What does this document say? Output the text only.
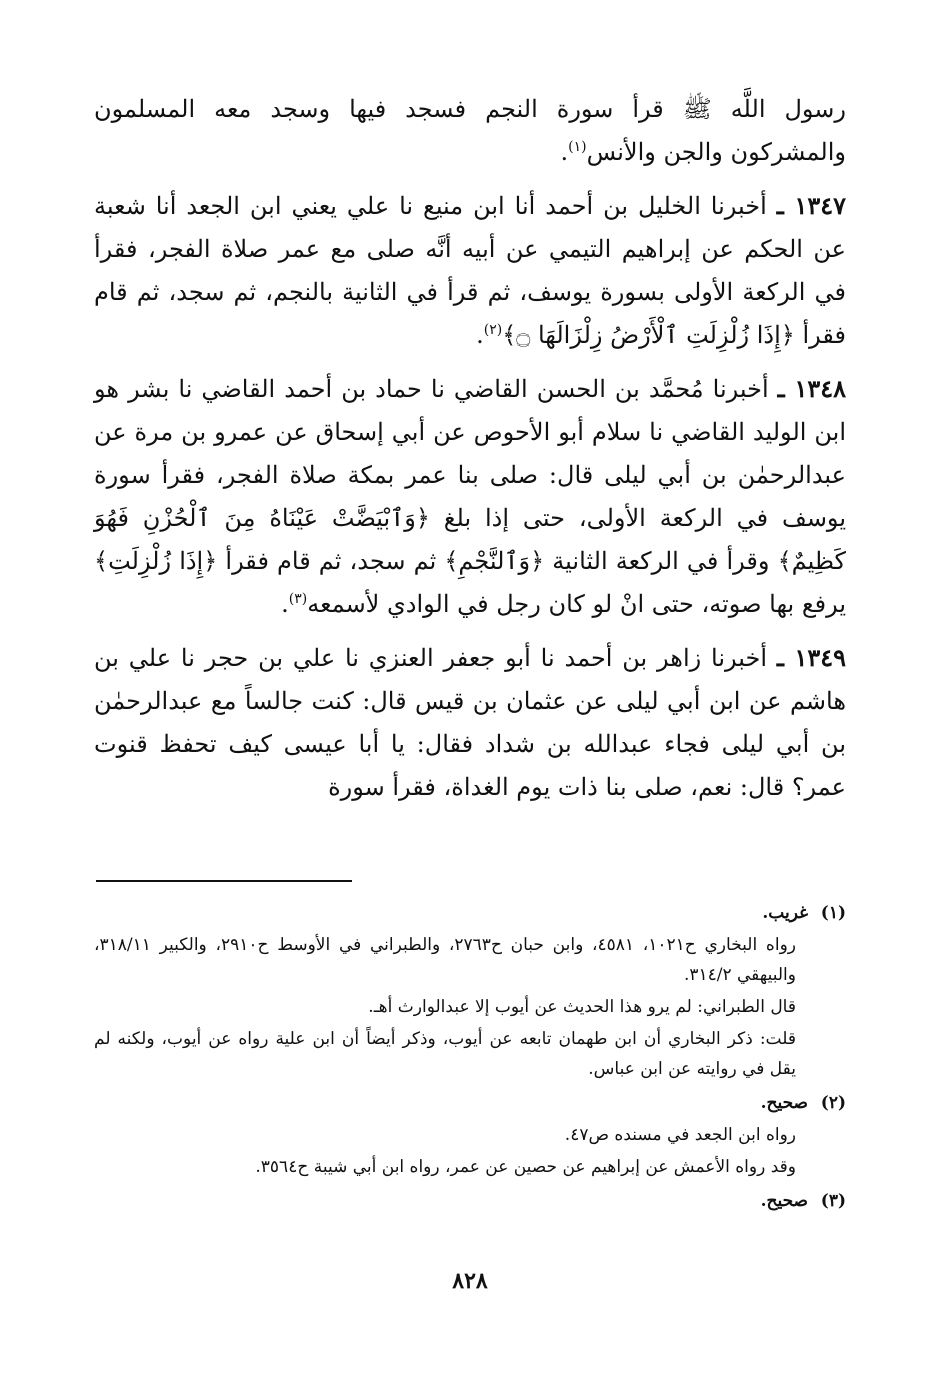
رسول اللَّه ﷺ قرأ سورة النجم فسجد فيها وسجد معه المسلمون والمشركون والجن والأنس$^{(١)}$.

١٣٤٧ ـ أخبرنا الخليل بن أحمد أنا ابن منيع نا علي يعني ابن الجعد أنا شعبة عن الحكم عن إبراهيم التيمي عن أبيه أنَّه صلى مع عمر صلاة الفجر، فقرأ في الركعة الأولى بسورة يوسف، ثم قرأ في الثانية بالنجم، ثم سجد، ثم قام فقرأ ﴿إِذَا زُلْزِلَتِ ٱلْأَرْضُ زِلْزَالَهَا ۝﴾$^{(٢)}$.

١٣٤٨ ـ أخبرنا مُحمَّد بن الحسن القاضي نا حماد بن أحمد القاضي نا بشر هو ابن الوليد القاضي نا سلام أبو الأحوص عن أبي إسحاق عن عمرو بن مرة عن عبدالرحمٰن بن أبي ليلى قال: صلى بنا عمر بمكة صلاة الفجر، فقرأ سورة يوسف في الركعة الأولى، حتى إذا بلغ ﴿وَٱبْيَضَّتْ عَيْنَاهُ مِنَ ٱلْحُزْنِ فَهُوَ كَظِيمٌ﴾ وقرأ في الركعة الثانية ﴿وَٱلنَّجْمِ﴾ ثم سجد، ثم قام فقرأ ﴿إِذَا زُلْزِلَتِ﴾ يرفع بها صوته، حتى انْ لو كان رجل في الوادي لأسمعه$^{(٣)}$.

١٣٤٩ ـ أخبرنا زاهر بن أحمد نا أبو جعفر العنزي نا علي بن حجر نا علي بن هاشم عن ابن أبي ليلى عن عثمان بن قيس قال: كنت جالساً مع عبدالرحمٰن بن أبي ليلى فجاء عبدالله بن شداد فقال: يا أبا عيسى كيف تحفظ قنوت عمر؟ قال: نعم، صلى بنا ذات يوم الغداة، فقرأ سورة

(١)غريب.
رواه البخاري ح١٠٢١، ٤٥٨١، وابن حبان ح٢٧٦٣، والطبراني في الأوسط ح٢٩١٠، والكبير ٣١٨/١١، والبيهقي ٣١٤/٢.
قال الطبراني: لم يرو هذا الحديث عن أيوب إلا عبدالوارث أهـ.
قلت: ذكر البخاري أن ابن طهمان تابعه عن أيوب، وذكر أيضاً أن ابن علية رواه عن أيوب، ولكنه لم يقل في روايته عن ابن عباس.
(٢)صحيح.
رواه ابن الجعد في مسنده ص٤٧.
وقد رواه الأعمش عن إبراهيم عن حصين عن عمر، رواه ابن أبي شيبة ح٣٥٦٤.
(٣)صحيح.
٨٢٨
